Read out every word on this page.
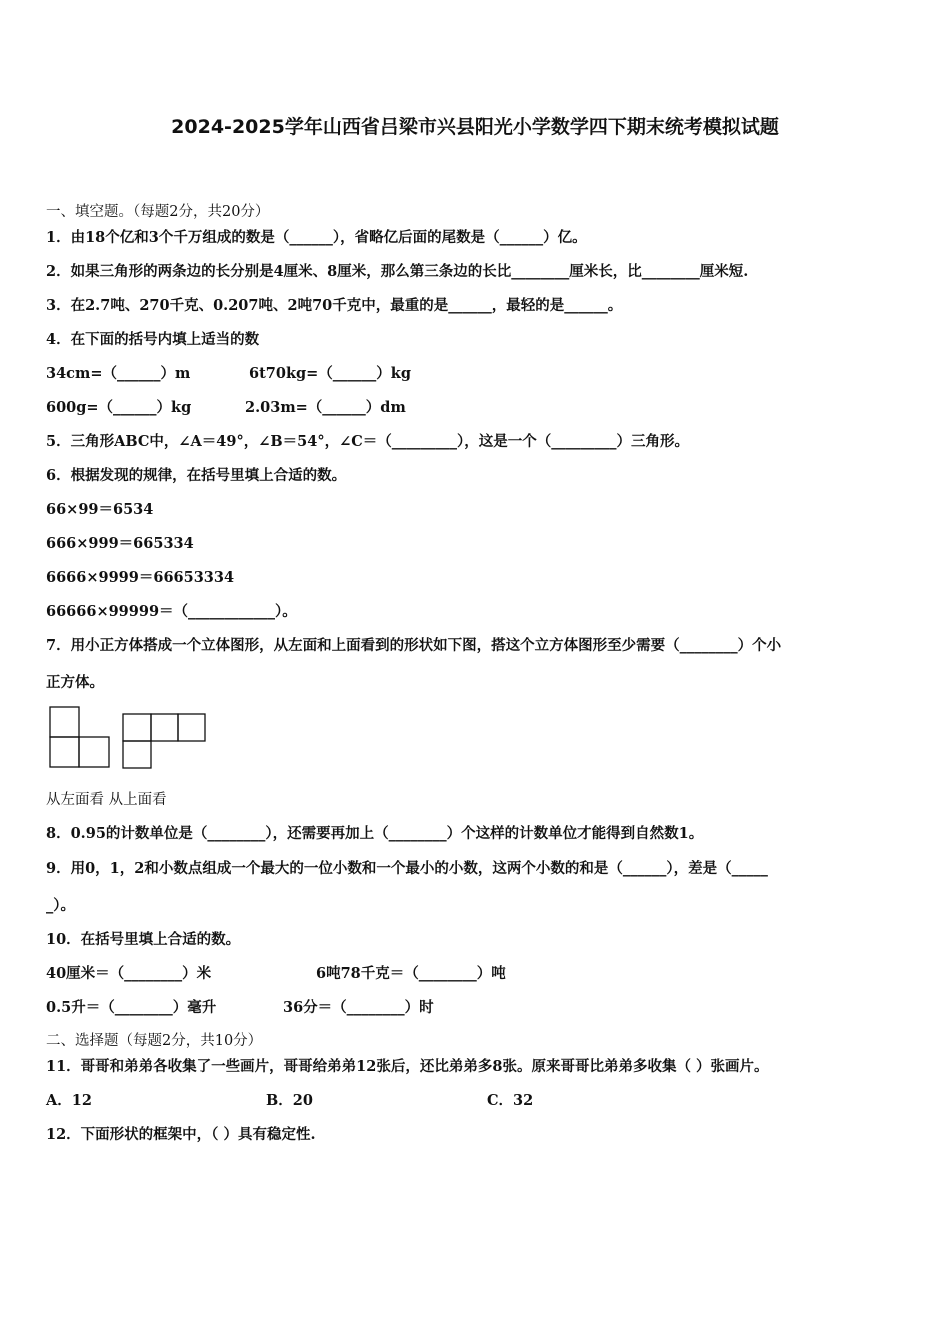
2024-2025学年山西省吕梁市兴县阳光小学数学四下期末统考模拟试题
一、填空题。（每题2分，共20分）
1．由18个亿和3个千万组成的数是（______），省略亿后面的尾数是（______）亿。
2．如果三角形的两条边的长分别是4厘米、8厘米，那么第三条边的长比________厘米长，比________厘米短.
3．在2.7吨、270千克、0.207吨、2吨70千克中，最重的是______，最轻的是______。
4．在下面的括号内填上适当的数
34cm=（______）m	6t70kg=（______）kg
600g=（______）kg	2.03m=（______）dm
5．三角形ABC中，∠A＝49°，∠B＝54°，∠C＝（_________），这是一个（_________）三角形。
6．根据发现的规律，在括号里填上合适的数。
66×99＝6534
666×999＝665334
6666×9999＝66653334
66666×99999＝（____________）。
7．用小正方体搭成一个立体图形，从左面和上面看到的形状如下图，搭这个立方体图形至少需要（________）个小
正方体。
从左面看 从上面看
8．0.95的计数单位是（________），还需要再加上（________）个这样的计数单位才能得到自然数1。
9．用0，1，2和小数点组成一个最大的一位小数和一个最小的小数，这两个小数的和是（______），差是（_____
_）。
10．在括号里填上合适的数。
40厘米＝（________）米	6吨78千克＝（________）吨
0.5升＝（________）毫升	36分＝（________）时
二、选择题（每题2分，共10分）
11．哥哥和弟弟各收集了一些画片，哥哥给弟弟12张后，还比弟弟多8张。原来哥哥比弟弟多收集（ ）张画片。
A．12	B．20	C．32
12．下面形状的框架中，（ ）具有稳定性.
